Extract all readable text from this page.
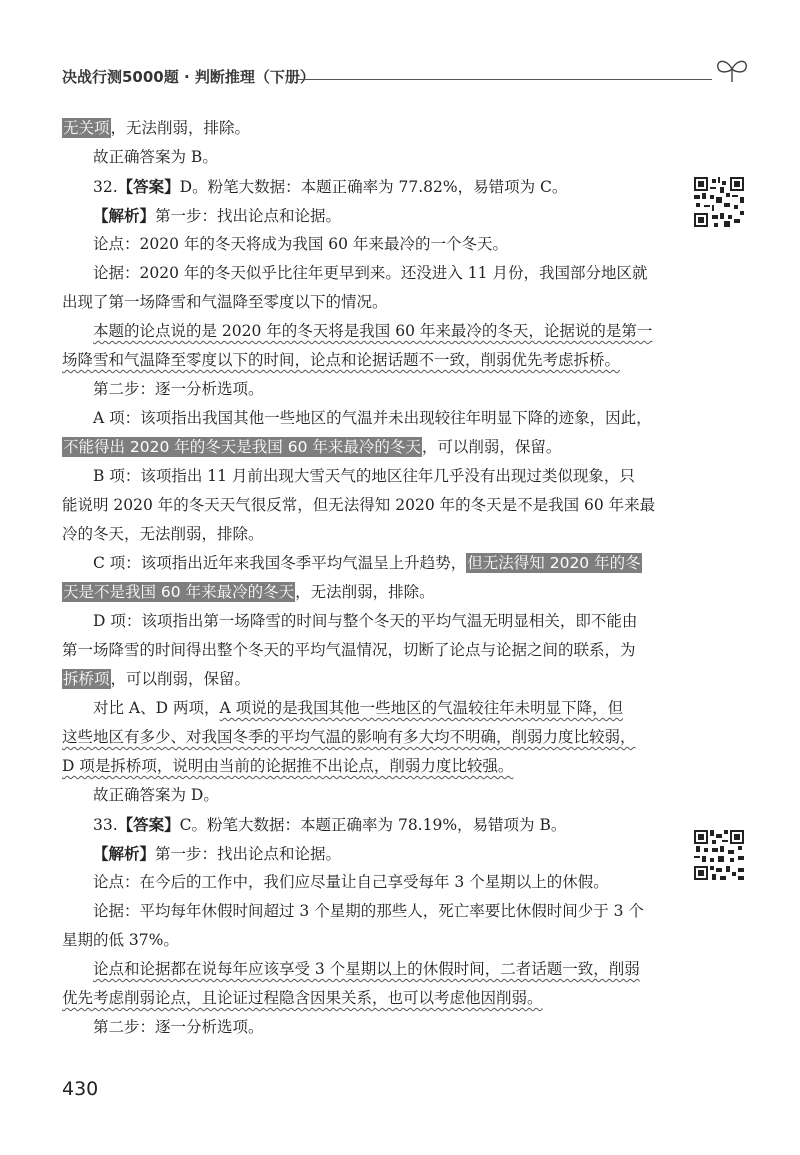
决战行测5000题 · 判断推理（下册）
无关项，无法削弱，排除。
故正确答案为 B。
32.【答案】D。粉笔大数据：本题正确率为 77.82%，易错项为 C。
【解析】第一步：找出论点和论据。
论点：2020 年的冬天将成为我国 60 年来最冷的一个冬天。
论据：2020 年的冬天似乎比往年更早到来。还没进入 11 月份，我国部分地区就
出现了第一场降雪和气温降至零度以下的情况。
本题的论点说的是 2020 年的冬天将是我国 60 年来最冷的冬天，论据说的是第一
场降雪和气温降至零度以下的时间，论点和论据话题不一致，削弱优先考虑拆桥。
第二步：逐一分析选项。
A 项：该项指出我国其他一些地区的气温并未出现较往年明显下降的迹象，因此，
不能得出 2020 年的冬天是我国 60 年来最冷的冬天，可以削弱，保留。
B 项：该项指出 11 月前出现大雪天气的地区往年几乎没有出现过类似现象，只
能说明 2020 年的冬天天气很反常，但无法得知 2020 年的冬天是不是我国 60 年来最
冷的冬天，无法削弱，排除。
C 项：该项指出近年来我国冬季平均气温呈上升趋势，但无法得知 2020 年的冬
天是不是我国 60 年来最冷的冬天，无法削弱，排除。
D 项：该项指出第一场降雪的时间与整个冬天的平均气温无明显相关，即不能由
第一场降雪的时间得出整个冬天的平均气温情况，切断了论点与论据之间的联系，为
拆桥项，可以削弱，保留。
对比 A、D 两项，A 项说的是我国其他一些地区的气温较往年未明显下降，但
这些地区有多少、对我国冬季的平均气温的影响有多大均不明确，削弱力度比较弱，
D 项是拆桥项，说明由当前的论据推不出论点，削弱力度比较强。
故正确答案为 D。
33.【答案】C。粉笔大数据：本题正确率为 78.19%，易错项为 B。
【解析】第一步：找出论点和论据。
论点：在今后的工作中，我们应尽量让自己享受每年 3 个星期以上的休假。
论据：平均每年休假时间超过 3 个星期的那些人，死亡率要比休假时间少于 3 个
星期的低 37%。
论点和论据都在说每年应该享受 3 个星期以上的休假时间，二者话题一致，削弱
优先考虑削弱论点，且论证过程隐含因果关系，也可以考虑他因削弱。
第二步：逐一分析选项。
430
